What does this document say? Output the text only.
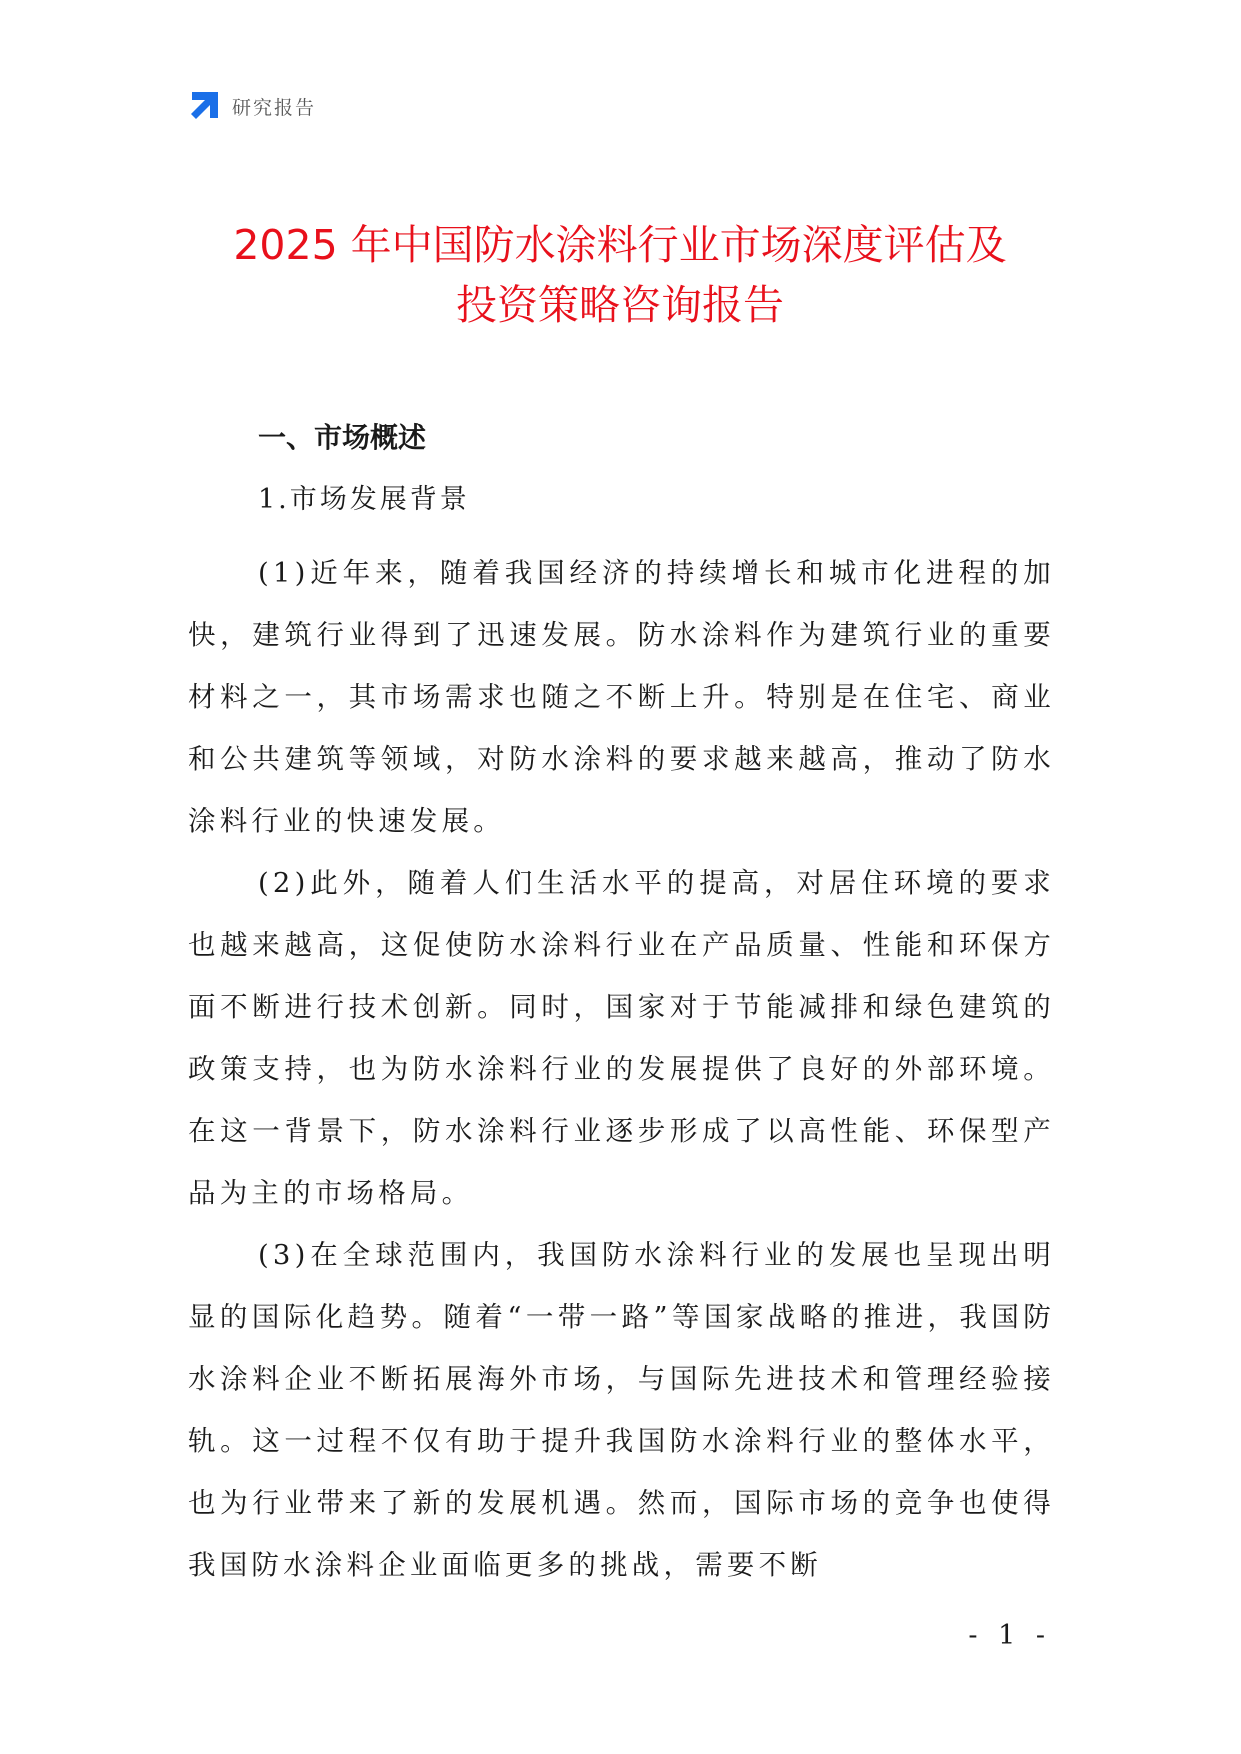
研究报告
2025 年中国防水涂料行业市场深度评估及
投资策略咨询报告
一、市场概述
1.市场发展背景

(1)近年来，随着我国经济的持续增长和城市化进程的加快，建筑行业得到了迅速发展。防水涂料作为建筑行业的重要材料之一，其市场需求也随之不断上升。特别是在住宅、商业和公共建筑等领域，对防水涂料的要求越来越高，推动了防水涂料行业的快速发展。

(2)此外，随着人们生活水平的提高，对居住环境的要求也越来越高，这促使防水涂料行业在产品质量、性能和环保方面不断进行技术创新。同时，国家对于节能减排和绿色建筑的政策支持，也为防水涂料行业的发展提供了良好的外部环境。在这一背景下，防水涂料行业逐步形成了以高性能、环保型产品为主的市场格局。

(3)在全球范围内，我国防水涂料行业的发展也呈现出明显的国际化趋势。随着“一带一路”等国家战略的推进，我国防水涂料企业不断拓展海外市场，与国际先进技术和管理经验接轨。这一过程不仅有助于提升我国防水涂料行业的整体水平，也为行业带来了新的发展机遇。然而，国际市场的竞争也使得我国防水涂料企业面临更多的挑战，需要不断

- 1 -
